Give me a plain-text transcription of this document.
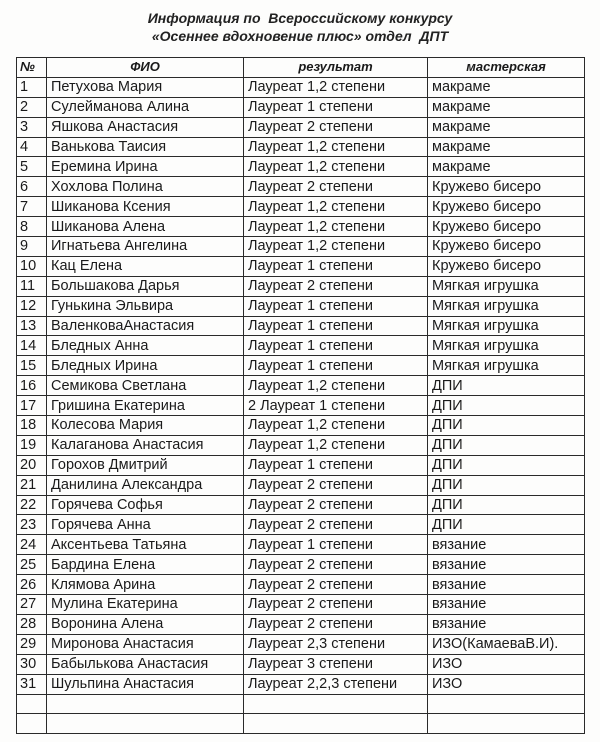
Информация по  Всероссийскому конкурсу
«Осеннее вдохновение плюс» отдел  ДПТ
№	ФИО	результат	мастерская
1	Петухова Мария	Лауреат 1,2 степени	макраме
2	Сулейманова Алина	Лауреат 1 степени	макраме
3	Яшкова Анастасия	Лауреат 2 степени	макраме
4	Ванькова Таисия	Лауреат 1,2 степени	макраме
5	Еремина Ирина	Лауреат 1,2 степени	макраме
6	Хохлова Полина	Лауреат 2 степени	Кружево бисеро
7	Шиканова Ксения	Лауреат 1,2 степени	Кружево бисеро
8	Шиканова Алена	Лауреат 1,2 степени	Кружево бисеро
9	Игнатьева Ангелина	Лауреат 1,2 степени	Кружево бисеро
10	Кац Елена	Лауреат 1 степени	Кружево бисеро
11	Большакова Дарья	Лауреат 2 степени	Мягкая игрушка
12	Гунькина Эльвира	Лауреат 1 степени	Мягкая игрушка
13	ВаленковаАнастасия	Лауреат 1 степени	Мягкая игрушка
14	Бледных Анна	Лауреат 1 степени	Мягкая игрушка
15	Бледных Ирина	Лауреат 1 степени	Мягкая игрушка
16	Семикова Светлана	Лауреат 1,2 степени	ДПИ
17	Гришина Екатерина	2 Лауреат 1 степени	ДПИ
18	Колесова Мария	Лауреат 1,2 степени	ДПИ
19	Калаганова Анастасия	Лауреат 1,2 степени	ДПИ
20	Горохов Дмитрий	Лауреат 1 степени	ДПИ
21	Данилина Александра	Лауреат 2 степени	ДПИ
22	Горячева Софья	Лауреат 2 степени	ДПИ
23	Горячева Анна	Лауреат 2 степени	ДПИ
24	Аксентьева Татьяна	Лауреат 1 степени	вязание
25	Бардина Елена	Лауреат 2 степени	вязание
26	Клямова Арина	Лауреат 2 степени	вязание
27	Мулина Екатерина	Лауреат 2 степени	вязание
28	Воронина Алена	Лауреат 2 степени	вязание
29	Миронова Анастасия	Лауреат 2,3 степени	ИЗО(КамаеваВ.И).
30	Бабылькова Анастасия	Лауреат 3 степени	ИЗО
31	Шульпина Анастасия	Лауреат 2,2,3 степени	ИЗО
